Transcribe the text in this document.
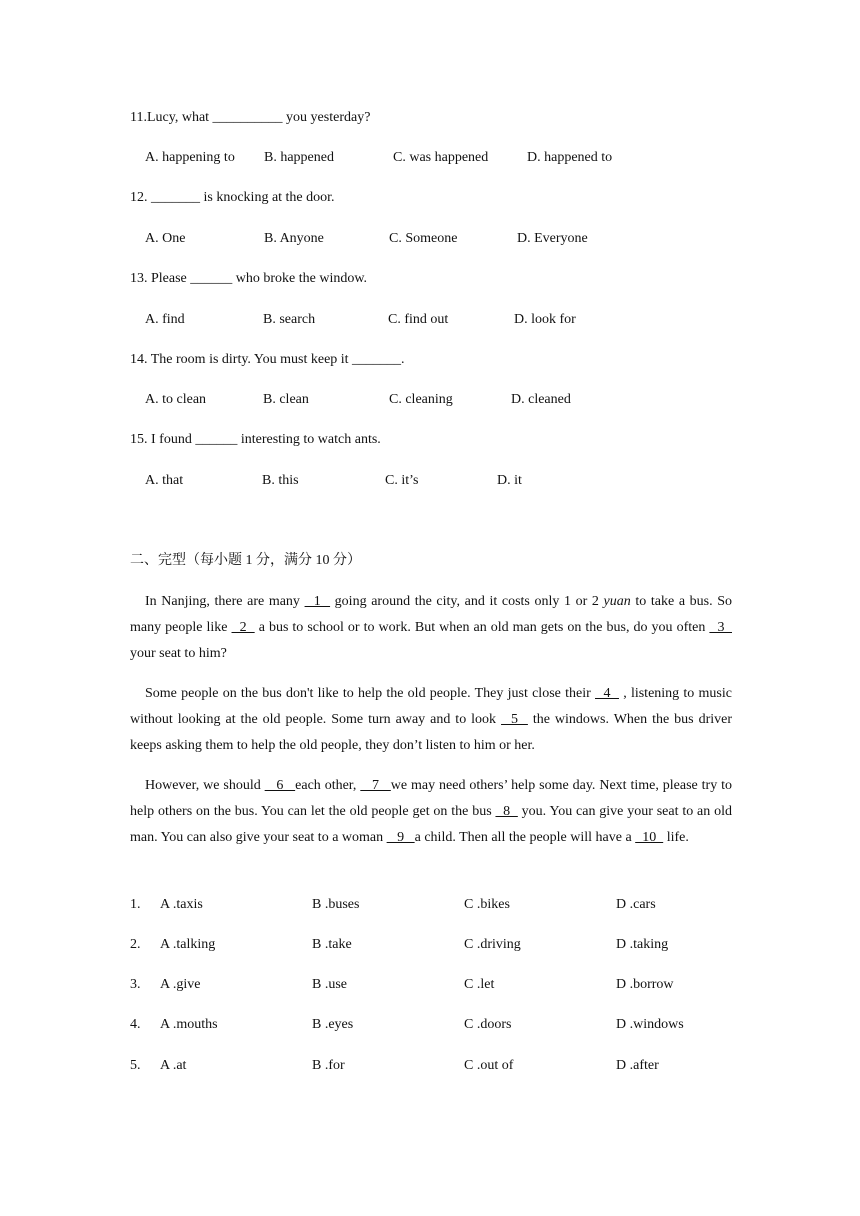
11.Lucy, what __________ you yesterday?
A. happening to B. happened	C. was happened	D. happened to
12. _______ is knocking at the door.
A. One	B. Anyone	C. Someone	D. Everyone
13. Please ______ who broke the window.
A. find	B. search	C. find out	D. look for
14. The room is dirty. You must keep it _______.
A. to clean	B. clean	C. cleaning	D. cleaned
15. I found ______ interesting to watch ants.
A. that	B. this	C. it’s	D. it
二、完型（每小题 1 分，满分 10 分）
In Nanjing, there are many   1   going around the city, and it costs only 1 or 2 yuan to take a bus. So many people like   2   a bus to school or to work. But when an old man gets on the bus, do you often   3   your seat to him?
Some people on the bus don't like to help the old people. They just close their   4   , listening to music without looking at the old people. Some turn away and to look   5   the windows. When the bus driver keeps asking them to help the old people, they don’t listen to him or her.
However, we should    6   each other,    7   we may need others’ help some day. Next time, please try to help others on the bus. You can let the old people get on the bus   8   you. You can give your seat to an old man. You can also give your seat to a woman    9   a child. Then all the people will have a   10   life.
1. A .taxis	B .buses	C .bikes	D .cars
2. A .talking	B .take	C .driving	D .taking
3. A .give	B .use	C .let	D .borrow
4. A .mouths	B .eyes	C .doors	D .windows
5. A .at	B .for	C .out of	D .after
